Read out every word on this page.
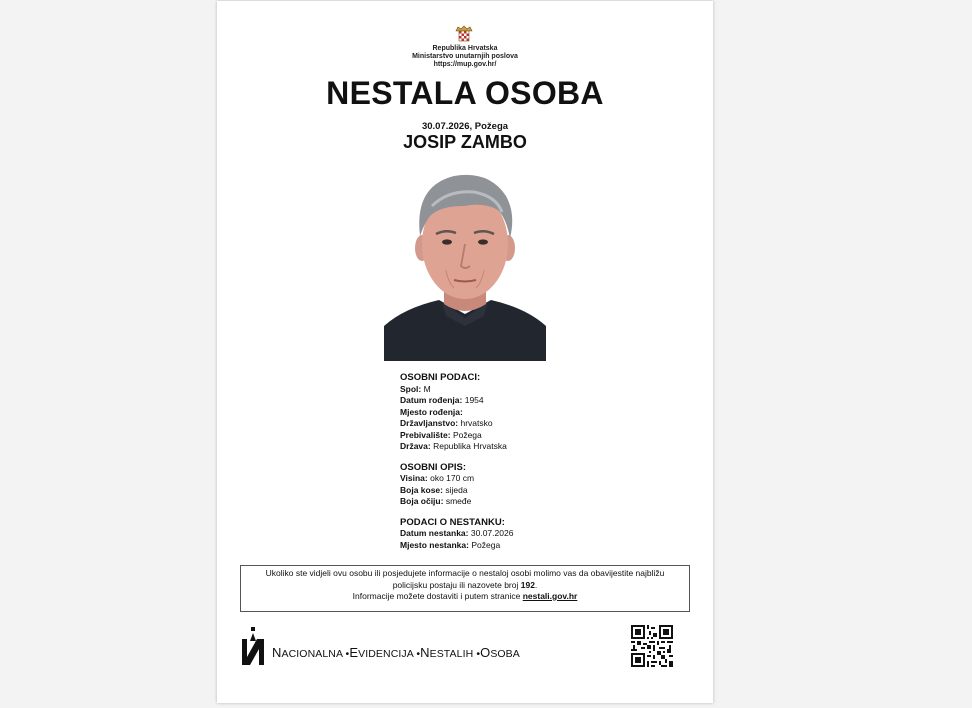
Republika Hrvatska
Ministarstvo unutarnjih poslova
https://mup.gov.hr/
NESTALA OSOBA
30.07.2026, Požega
JOSIP ZAMBO
OSOBNI PODACI:
Spol: M
Datum rođenja: 1954
Mjesto rođenja:
Državljanstvo: hrvatsko
Prebivalište: Požega
Država: Republika Hrvatska
OSOBNI OPIS:
Visina: oko 170 cm
Boja kose: sijeda
Boja očiju: smeđe
PODACI O NESTANKU:
Datum nestanka: 30.07.2026
Mjesto nestanka: Požega
Ukoliko ste vidjeli ovu osobu ili posjedujete informacije o nestaloj osobi molimo vas da obavijestite najbližu
policijsku postaju ili nazovete broj 192.
Informacije možete dostaviti i putem stranice nestali.gov.hr
NACIONALNA •EVIDENCIJA •NESTALIH •OSOBA
